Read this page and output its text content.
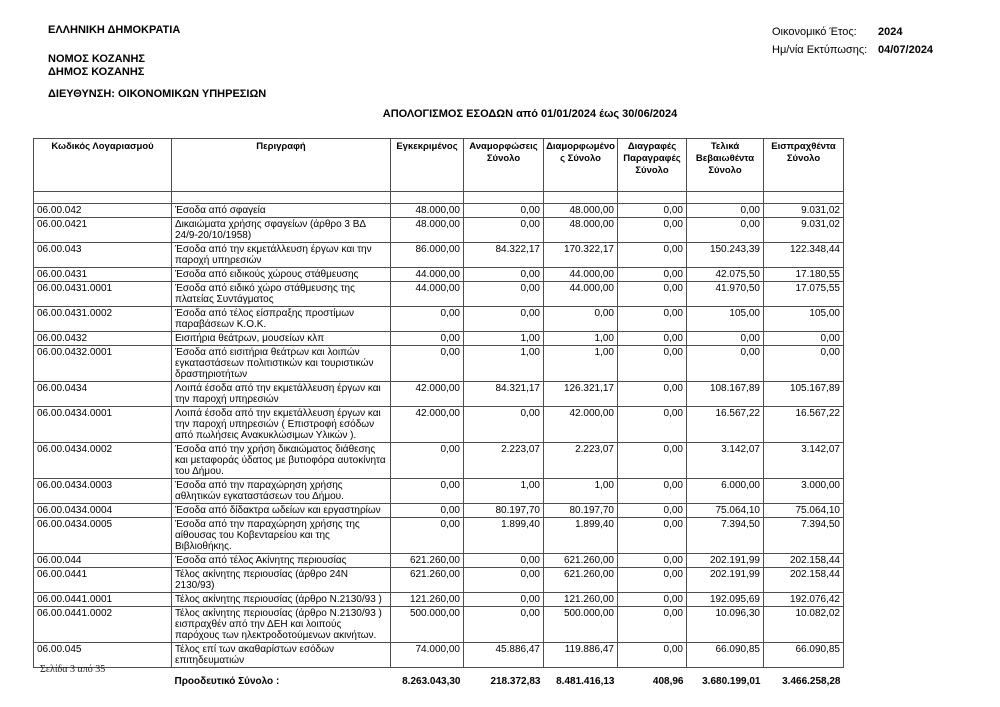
ΕΛΛΗΝΙΚΗ ΔΗΜΟΚΡΑΤΙΑ
ΝΟΜΟΣ ΚΟΖΑΝΗΣ
ΔΗΜΟΣ ΚΟΖΑΝΗΣ
ΔΙΕΥΘΥΝΣΗ: ΟΙΚΟΝΟΜΙΚΩΝ ΥΠΗΡΕΣΙΩΝ
Οικονομικό Έτος:	2024
Ημ/νία Εκτύπωσης: 04/07/2024
ΑΠΟΛΟΓΙΣΜΟΣ ΕΣΟΔΩΝ από 01/01/2024 έως 30/06/2024
Κωδικός Λογαριασμού	Περιγραφή	Εγκεκριμένος	Αναμορφώσεις Σύνολο	Διαμορφωμένος Σύνολο	Διαγραφές Παραγραφές Σύνολο	Τελικά Βεβαιωθέντα Σύνολο	Εισπραχθέντα Σύνολο

06.00.042	Έσοδα από σφαγεία	48.000,00	0,00	48.000,00	0,00	0,00	9.031,02
06.00.0421	Δικαιώματα χρήσης σφαγείων (άρθρο 3 ΒΔ 24/9-20/10/1958)	48.000,00	0,00	48.000,00	0,00	0,00	9.031,02
06.00.043	Έσοδα από την εκμετάλλευση έργων και την παροχή υπηρεσιών	86.000,00	84.322,17	170.322,17	0,00	150.243,39	122.348,44
06.00.0431	Έσοδα από ειδικούς χώρους στάθμευσης	44.000,00	0,00	44.000,00	0,00	42.075,50	17.180,55
06.00.0431.0001	Έσοδα από ειδικό χώρο στάθμευσης της πλατείας Συντάγματος	44.000,00	0,00	44.000,00	0,00	41.970,50	17.075,55
06.00.0431.0002	Έσοδα από τέλος είσπραξης προστίμων παραβάσεων Κ.Ο.Κ.	0,00	0,00	0,00	0,00	105,00	105,00
06.00.0432	Εισιτήρια θεάτρων, μουσείων κλπ	0,00	1,00	1,00	0,00	0,00	0,00
06.00.0432.0001	Έσοδα από εισιτήρια θεάτρων και λοιπών εγκαταστάσεων πολιτιστικών και τουριστικών δραστηριοτήτων	0,00	1,00	1,00	0,00	0,00	0,00
06.00.0434	Λοιπά έσοδα από την εκμετάλλευση έργων και την παροχή υπηρεσιών	42.000,00	84.321,17	126.321,17	0,00	108.167,89	105.167,89
06.00.0434.0001	Λοιπά έσοδα από την εκμετάλλευση έργων και την παροχή υπηρεσιών ( Επιστροφή εσόδων από πωλήσεις Ανακυκλώσιμων Υλικών ).	42.000,00	0,00	42.000,00	0,00	16.567,22	16.567,22
06.00.0434.0002	Έσοδα από την χρήση δικαιώματος διάθεσης και μεταφοράς ύδατος με βυτιοφόρα αυτοκίνητα του Δήμου.	0,00	2.223,07	2.223,07	0,00	3.142,07	3.142,07
06.00.0434.0003	Έσοδα από την παραχώρηση χρήσης αθλητικών εγκαταστάσεων του Δήμου.	0,00	1,00	1,00	0,00	6.000,00	3.000,00
06.00.0434.0004	Έσοδα από δίδακτρα ωδείων και εργαστηρίων	0,00	80.197,70	80.197,70	0,00	75.064,10	75.064,10
06.00.0434.0005	Έσοδα από την παραχώρηση χρήσης της αίθουσας του Κοβενταρείου και της Βιβλιοθήκης.	0,00	1.899,40	1.899,40	0,00	7.394,50	7.394,50
06.00.044	Έσοδα από τέλος Ακίνητης περιουσίας	621.260,00	0,00	621.260,00	0,00	202.191,99	202.158,44
06.00.0441	Τέλος ακίνητης περιουσίας (άρθρο 24Ν 2130/93)	621.260,00	0,00	621.260,00	0,00	202.191,99	202.158,44
06.00.0441.0001	Τέλος ακίνητης περιουσίας (άρθρο Ν.2130/93 )	121.260,00	0,00	121.260,00	0,00	192.095,69	192.076,42
06.00.0441.0002	Τέλος ακίνητης περιουσίας (άρθρο Ν.2130/93 ) εισπραχθέν από την ΔΕΗ και λοιπούς παρόχους των ηλεκτροδοτούμενων ακινήτων.	500.000,00	0,00	500.000,00	0,00	10.096,30	10.082,02
06.00.045	Τέλος επί των ακαθαρίστων εσόδων επιτηδευματιών	74.000,00	45.886,47	119.886,47	0,00	66.090,85	66.090,85
	Προοδευτικό Σύνολο :	8.263.043,30	218.372,83	8.481.416,13	408,96	3.680.199,01	3.466.258,28
Σελίδα 3 από 35
